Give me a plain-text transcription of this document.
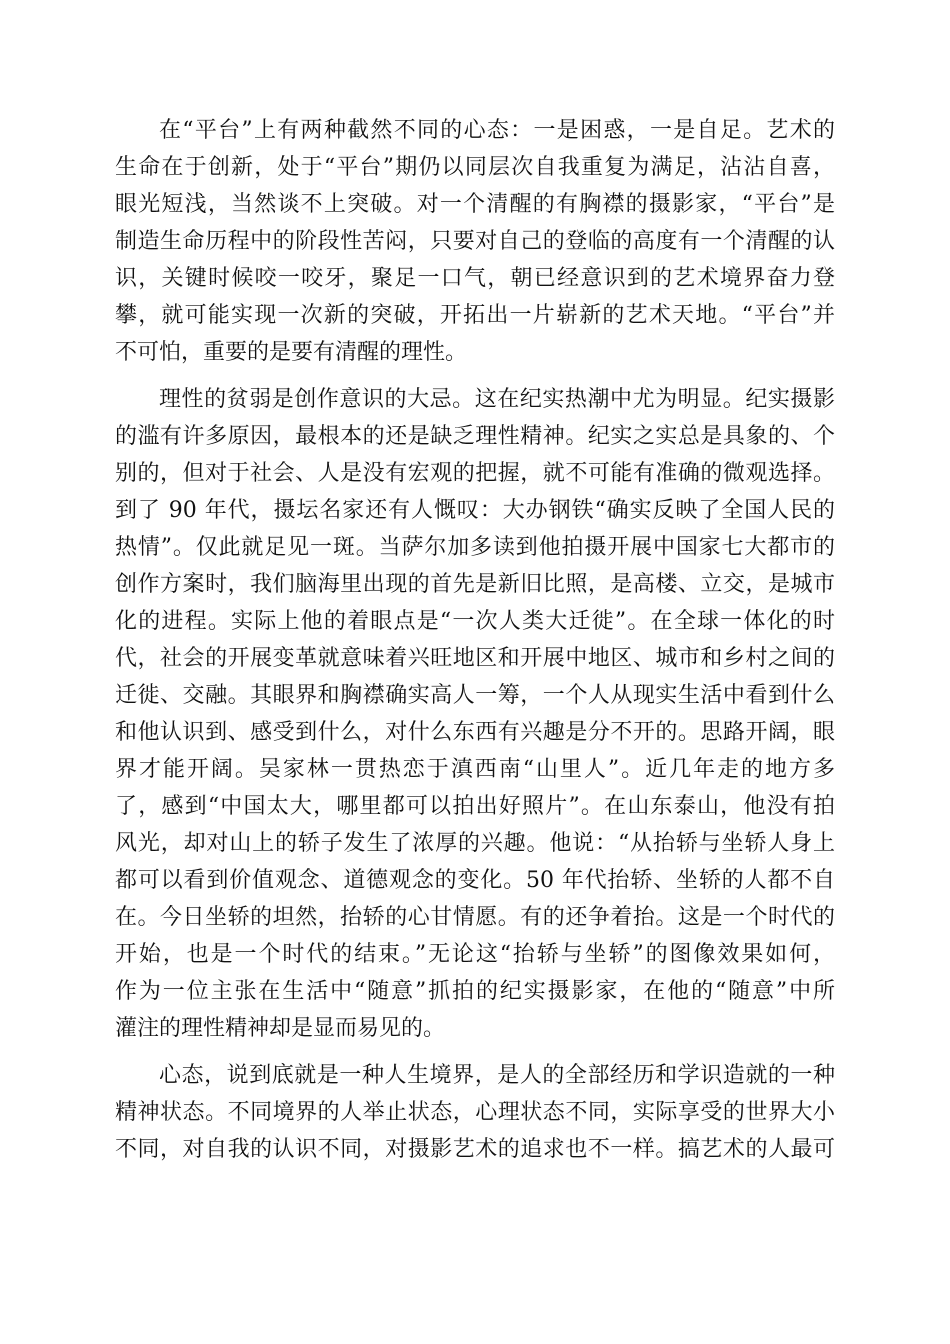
在“平台”上有两种截然不同的心态：一是困惑，一是自足。艺术的
生命在于创新，处于“平台”期仍以同层次自我重复为满足，沾沾自喜，
眼光短浅，当然谈不上突破。对一个清醒的有胸襟的摄影家，“平台”是
制造生命历程中的阶段性苦闷，只要对自己的登临的高度有一个清醒的认
识，关键时候咬一咬牙，聚足一口气，朝已经意识到的艺术境界奋力登
攀，就可能实现一次新的突破，开拓出一片崭新的艺术天地。“平台”并
不可怕，重要的是要有清醒的理性。
理性的贫弱是创作意识的大忌。这在纪实热潮中尤为明显。纪实摄影
的滥有许多原因，最根本的还是缺乏理性精神。纪实之实总是具象的、个
别的，但对于社会、人是没有宏观的把握，就不可能有准确的微观选择。
到了 90 年代，摄坛名家还有人慨叹：大办钢铁“确实反映了全国人民的
热情”。仅此就足见一斑。当萨尔加多读到他拍摄开展中国家七大都市的
创作方案时，我们脑海里出现的首先是新旧比照，是高楼、立交，是城市
化的进程。实际上他的着眼点是“一次人类大迁徙”。在全球一体化的时
代，社会的开展变革就意味着兴旺地区和开展中地区、城市和乡村之间的
迁徙、交融。其眼界和胸襟确实高人一筹，一个人从现实生活中看到什么
和他认识到、感受到什么，对什么东西有兴趣是分不开的。思路开阔，眼
界才能开阔。吴家林一贯热恋于滇西南“山里人”。近几年走的地方多
了，感到“中国太大，哪里都可以拍出好照片”。在山东泰山，他没有拍
风光，却对山上的轿子发生了浓厚的兴趣。他说：“从抬轿与坐轿人身上
都可以看到价值观念、道德观念的变化。50 年代抬轿、坐轿的人都不自
在。今日坐轿的坦然，抬轿的心甘情愿。有的还争着抬。这是一个时代的
开始，也是一个时代的结束。”无论这“抬轿与坐轿”的图像效果如何，
作为一位主张在生活中“随意”抓拍的纪实摄影家，在他的“随意”中所
灌注的理性精神却是显而易见的。
心态，说到底就是一种人生境界，是人的全部经历和学识造就的一种
精神状态。不同境界的人举止状态，心理状态不同，实际享受的世界大小
不同，对自我的认识不同，对摄影艺术的追求也不一样。搞艺术的人最可
